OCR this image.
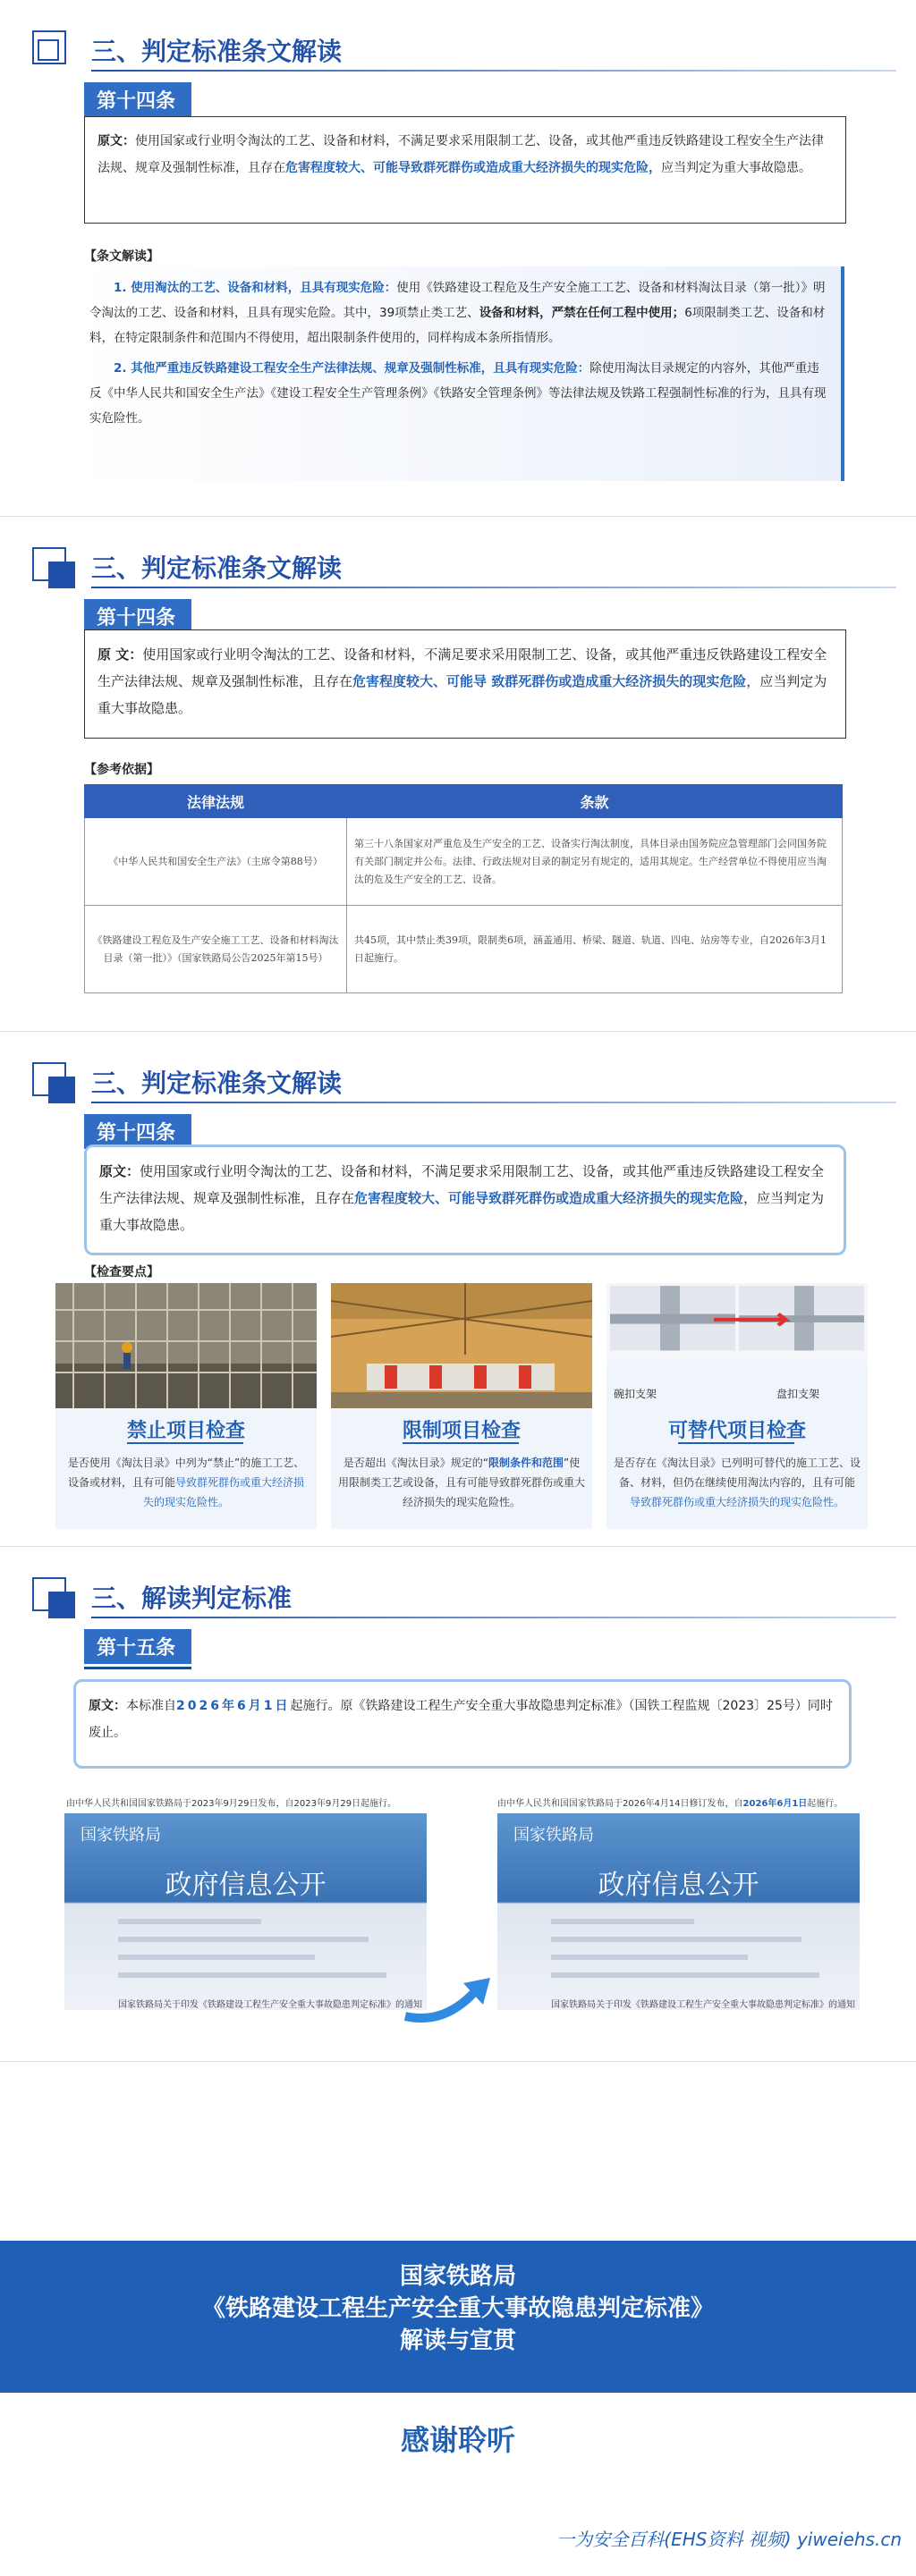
三、判定标准条文解读
第十四条
原文：使用国家或行业明令淘汰的工艺、设备和材料，不满足要求采用限制工艺、设备，或其他严重违反铁路建设工程安全生产法律法规、规章及强制性标准，且存在危害程度较大、可能导致群死群伤或造成重大经济损失的现实危险，应当判定为重大事故隐患。
【条文解读】

1. 使用淘汰的工艺、设备和材料，且具有现实危险：使用《铁路建设工程危及生产安全施工工艺、设备和材料淘汰目录（第一批）》明令淘汰的工艺、设备和材料，且具有现实危险。其中，39项禁止类工艺、设备和材料，严禁在任何工程中使用；6项限制类工艺、设备和材料，在特定限制条件和范围内不得使用，超出限制条件使用的，同样构成本条所指情形。

2. 其他严重违反铁路建设工程安全生产法律法规、规章及强制性标准，且具有现实危险：除使用淘汰目录规定的内容外，其他严重违反《中华人民共和国安全生产法》《建设工程安全生产管理条例》《铁路安全管理条例》等法律法规及铁路工程强制性标准的行为，且具有现实危险性。

三、判定标准条文解读
第十四条
原 文：使用国家或行业明令淘汰的工艺、设备和材料，不满足要求采用限制工艺、设备，或其他严重违反铁路建设工程安全生产法律法规、规章及强制性标准，且存在危害程度较大、可能导 致群死群伤或造成重大经济损失的现实危险，应当判定为重大事故隐患。
【参考依据】
法律法规	条款
《中华人民共和国安全生产法》（主席令第88号）	第三十八条国家对严重危及生产安全的工艺、设备实行淘汰制度，具体目录由国务院应急管理部门会同国务院有关部门制定并公布。法律、行政法规对目录的制定另有规定的，适用其规定。生产经营单位不得使用应当淘汰的危及生产安全的工艺、设备。
《铁路建设工程危及生产安全施工工艺、设备和材料淘汰目录（第一批）》（国家铁路局公告2025年第15号）	共45项，其中禁止类39项，限制类6项，涵盖通用、桥梁、隧道、轨道、四电、站房等专业，自2026年3月1日起施行。
三、判定标准条文解读
第十四条
原文：使用国家或行业明令淘汰的工艺、设备和材料，不满足要求采用限制工艺、设备，或其他严重违反铁路建设工程安全生产法律法规、规章及强制性标准，且存在危害程度较大、可能导致群死群伤或造成重大经济损失的现实危险，应当判定为重大事故隐患。
【检查要点】
禁止项目检查
是否使用《淘汰目录》中列为“禁止”的施工工艺、设备或材料，且有可能导致群死群伤或重大经济损失的现实危险性。
限制项目检查
是否超出《淘汰目录》规定的“限制条件和范围”使用限制类工艺或设备，且有可能导致群死群伤或重大经济损失的现实危险性。
碗扣支架	盘扣支架
可替代项目检查
是否存在《淘汰目录》已列明可替代的施工工艺、设备、材料，但仍在继续使用淘汰内容的，且有可能导致群死群伤或重大经济损失的现实危险性。
三、解读判定标准
第十五条
原文：本标准自2026年6月1日起施行。原《铁路建设工程生产安全重大事故隐患判定标准》（国铁工程监规〔2023〕25号）同时废止。
由中华人民共和国国家铁路局于2023年9月29日发布，自2023年9月29日起施行。	由中华人民共和国国家铁路局于2026年4月14日修订发布，自2026年6月1日起施行。
国家铁路局
政府信息公开
国家铁路局关于印发《铁路建设工程生产安全重大事故隐患判定标准》的通知
国家铁路局
政府信息公开
国家铁路局关于印发《铁路建设工程生产安全重大事故隐患判定标准》的通知
国家铁路局
《铁路建设工程生产安全重大事故隐患判定标准》
解读与宣贯
感谢聆听
一为安全百科(EHS资料 视频) yiweiehs.cn
